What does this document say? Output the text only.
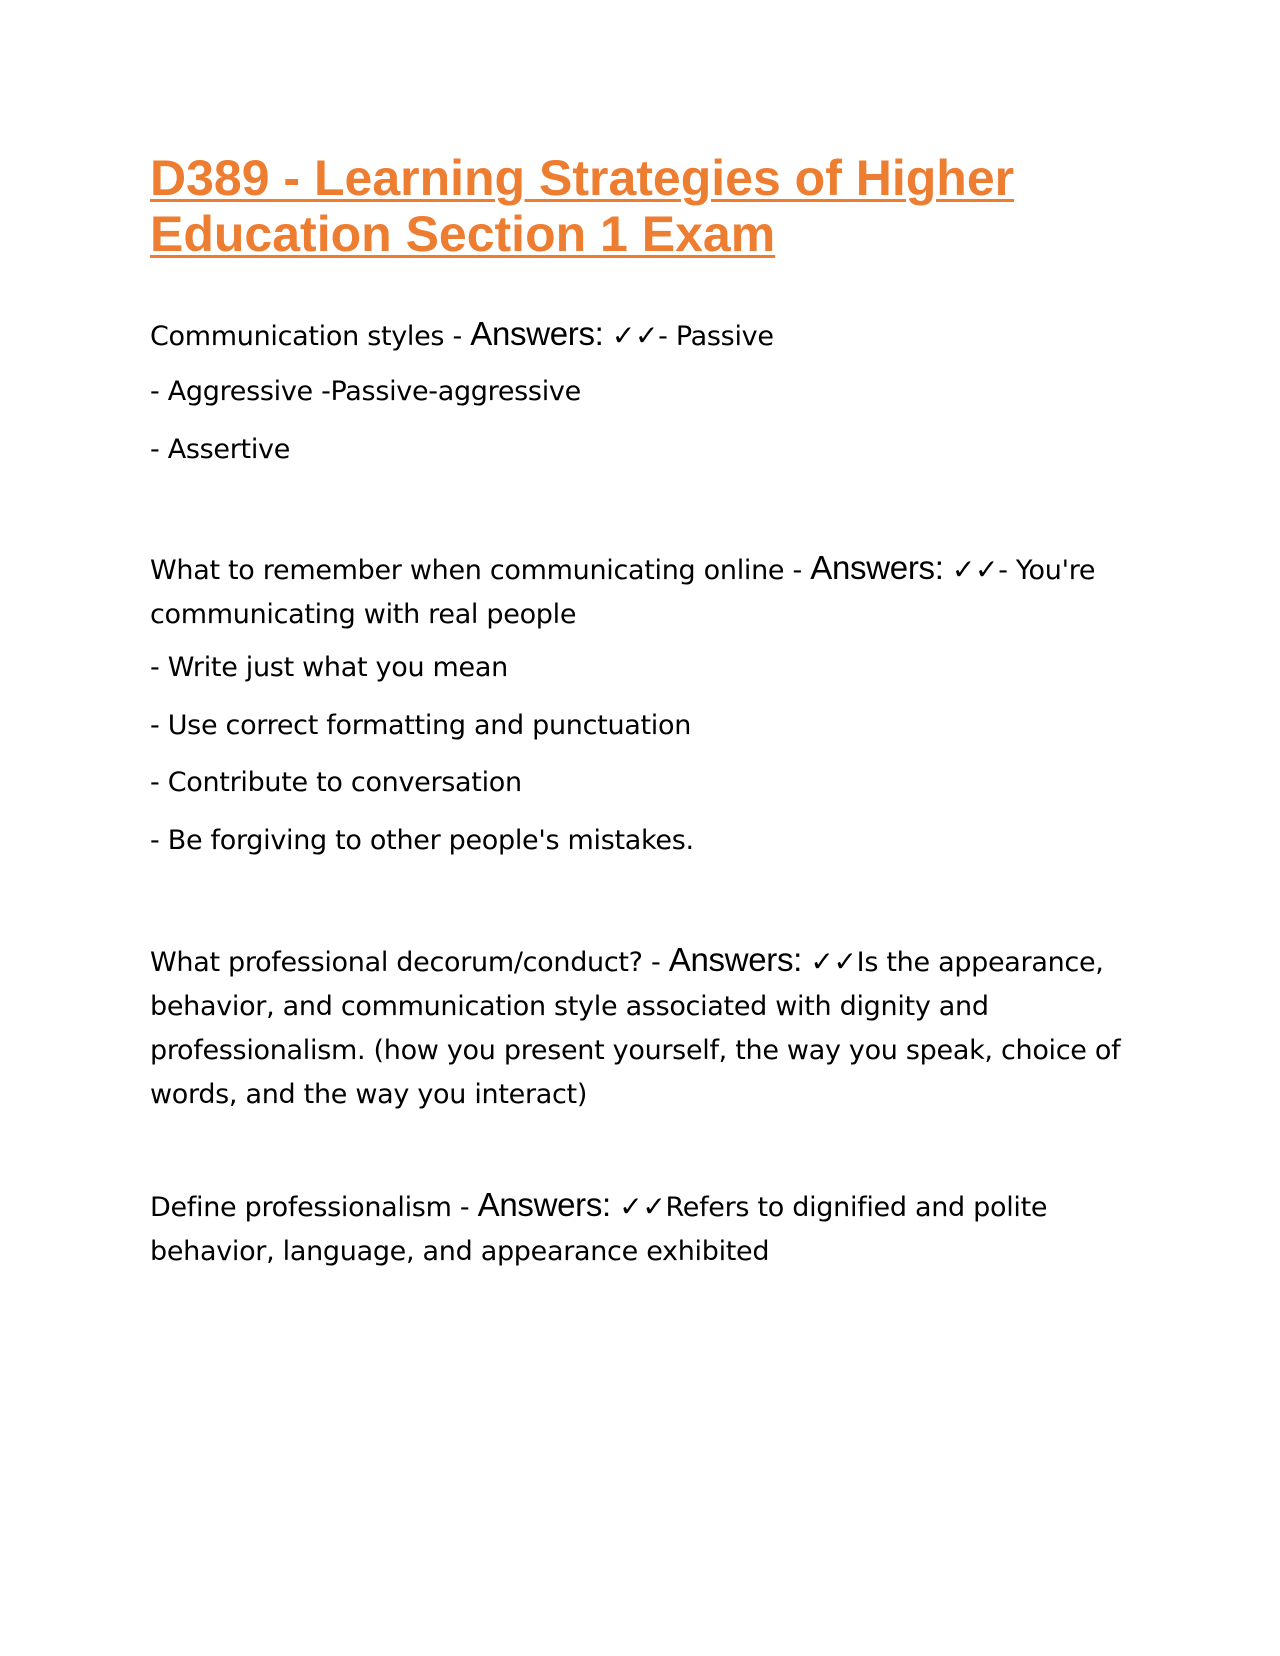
D389 - Learning Strategies of Higher Education Section 1 Exam

Communication styles - Answers: ✓✓- Passive

- Aggressive -Passive-aggressive

- Assertive

What to remember when communicating online - Answers: ✓✓- You're communicating with real people

- Write just what you mean

- Use correct formatting and punctuation

- Contribute to conversation

- Be forgiving to other people's mistakes.

What professional decorum/conduct? - Answers: ✓✓Is the appearance, behavior, and communication style associated with dignity and professionalism. (how you present yourself, the way you speak, choice of words, and the way you interact)

Define professionalism - Answers: ✓✓Refers to dignified and polite behavior, language, and appearance exhibited
